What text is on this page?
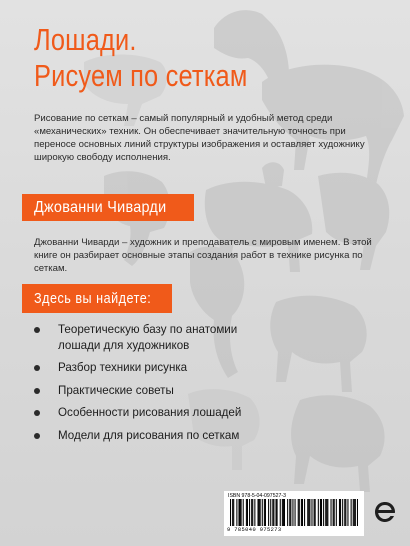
Лошади.
Рисуем по сеткам

Рисование по сеткам – самый популярный и удобный метод среди «механических» техник. Он обеспечивает значительную точность при переносе основных линий структуры изображения и оставляет художнику широкую свободу исполнения.

Джованни Чиварди

Джованни Чиварди – художник и преподаватель с мировым именем. В этой книге он разбирает основные этапы создания работ в технике рисунка по сеткам.

Здесь вы найдете:
Теоретическую базу по анатомии лошади для художников
Разбор техники рисунка
Практические советы
Особенности рисования лошадей
Модели для рисования по сеткам
ISBN 978-5-04-097527-3
9 785040 975273
